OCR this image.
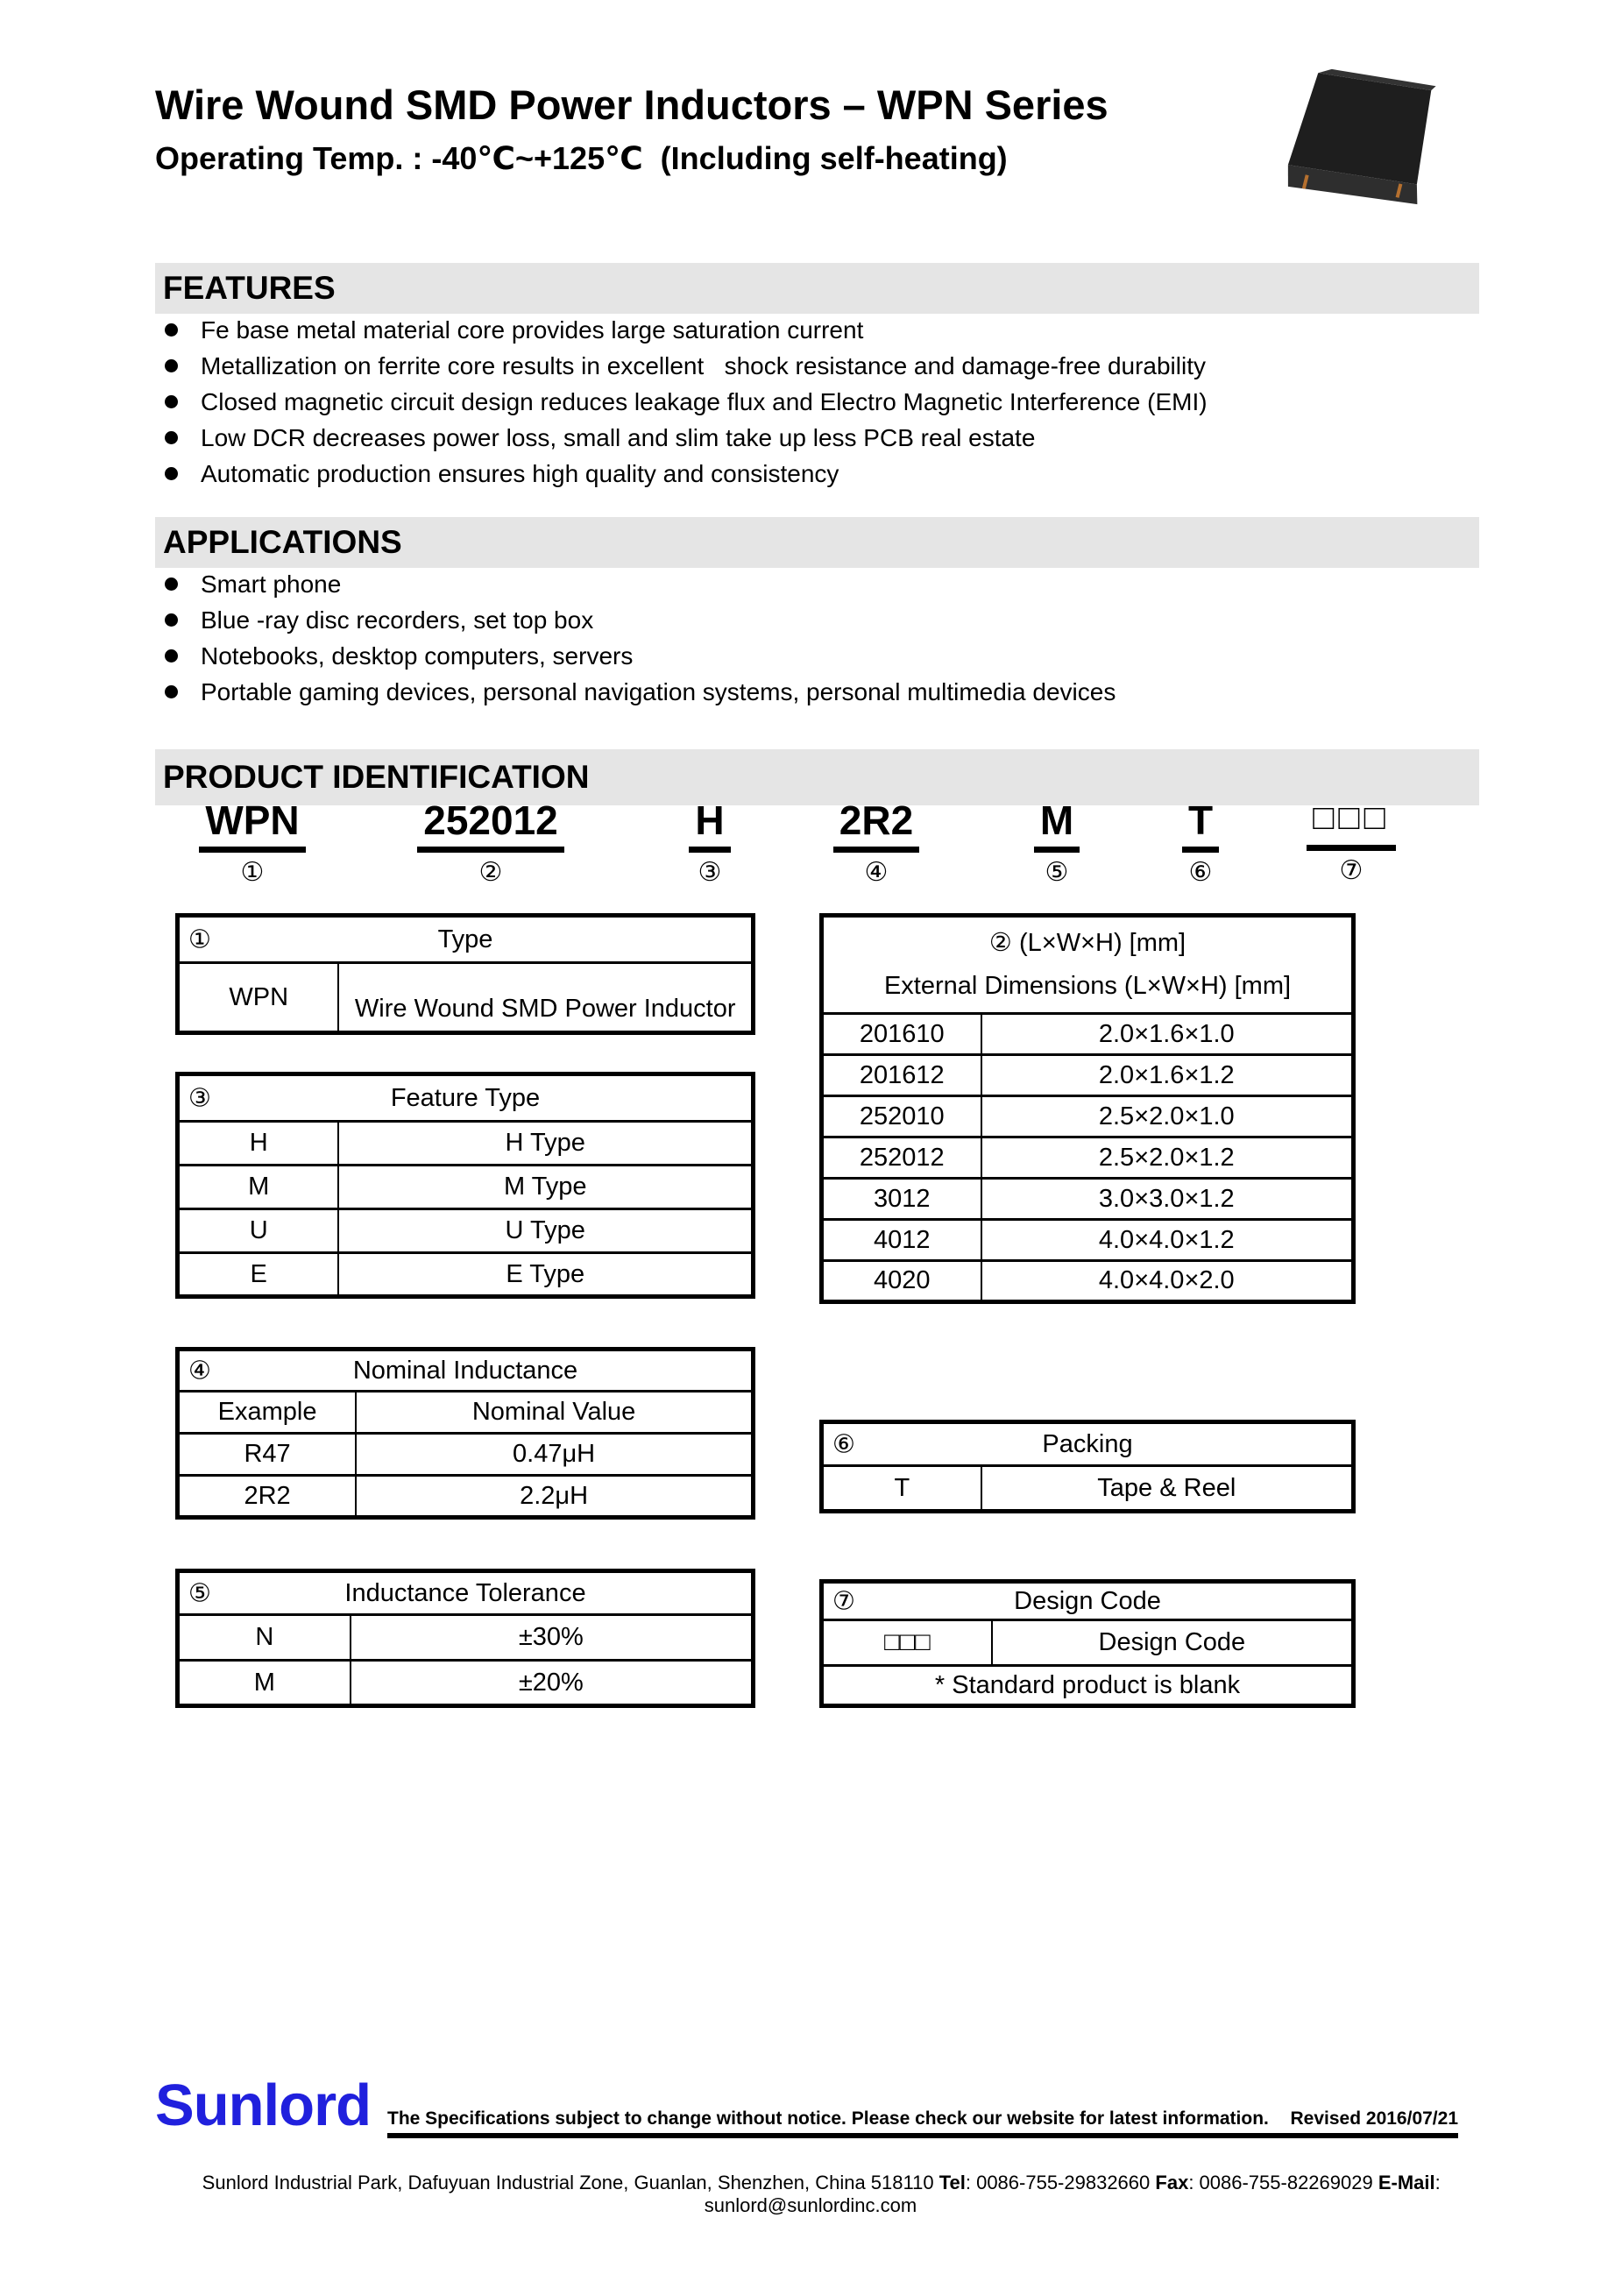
Wire Wound SMD Power Inductors – WPN Series
Operating Temp. : -40℃~+125℃  (Including self-heating)
FEATURES
Fe base metal material core provides large saturation current
Metallization on ferrite core results in excellent   shock resistance and damage-free durability
Closed magnetic circuit design reduces leakage flux and Electro Magnetic Interference (EMI)
Low DCR decreases power loss, small and slim take up less PCB real estate
Automatic production ensures high quality and consistency
APPLICATIONS
Smart phone
Blue -ray disc recorders, set top box
Notebooks, desktop computers, servers
Portable gaming devices, personal navigation systems, personal multimedia devices
PRODUCT IDENTIFICATION
WPN
①
252012
②
H
③
2R2
④
M
⑤
T
⑥
□□□
⑦
①	Type
WPN	Wire Wound SMD Power Inductor
③ Feature Type	
H	H Type
M	M Type
U	U Type
E	E Type
④ Nominal Inductance	
Example	Nominal Value
R47	0.47μH
2R2	2.2μH
⑤ Inductance Tolerance	
N	±30%
M	±20%
② (L×W×H) [mm]
External Dimensions (L×W×H) [mm]	

201610	2.0×1.6×1.0
201612	2.0×1.6×1.2
252010	2.5×2.0×1.0
252012	2.5×2.0×1.2
3012	3.0×3.0×1.2
4012	4.0×4.0×1.2
4020	4.0×4.0×2.0
⑥	Packing
T	Tape & Reel
⑦	Design Code
□□□	Design Code
* Standard product is blank
Sunlord The Specifications subject to change without notice. Please check our website for latest information. Revised 2016/07/21

Sunlord Industrial Park, Dafuyuan Industrial Zone, Guanlan, Shenzhen, China 518110 Tel: 0086-755-29832660 Fax: 0086-755-82269029 E-Mail: sunlord@sunlordinc.com
